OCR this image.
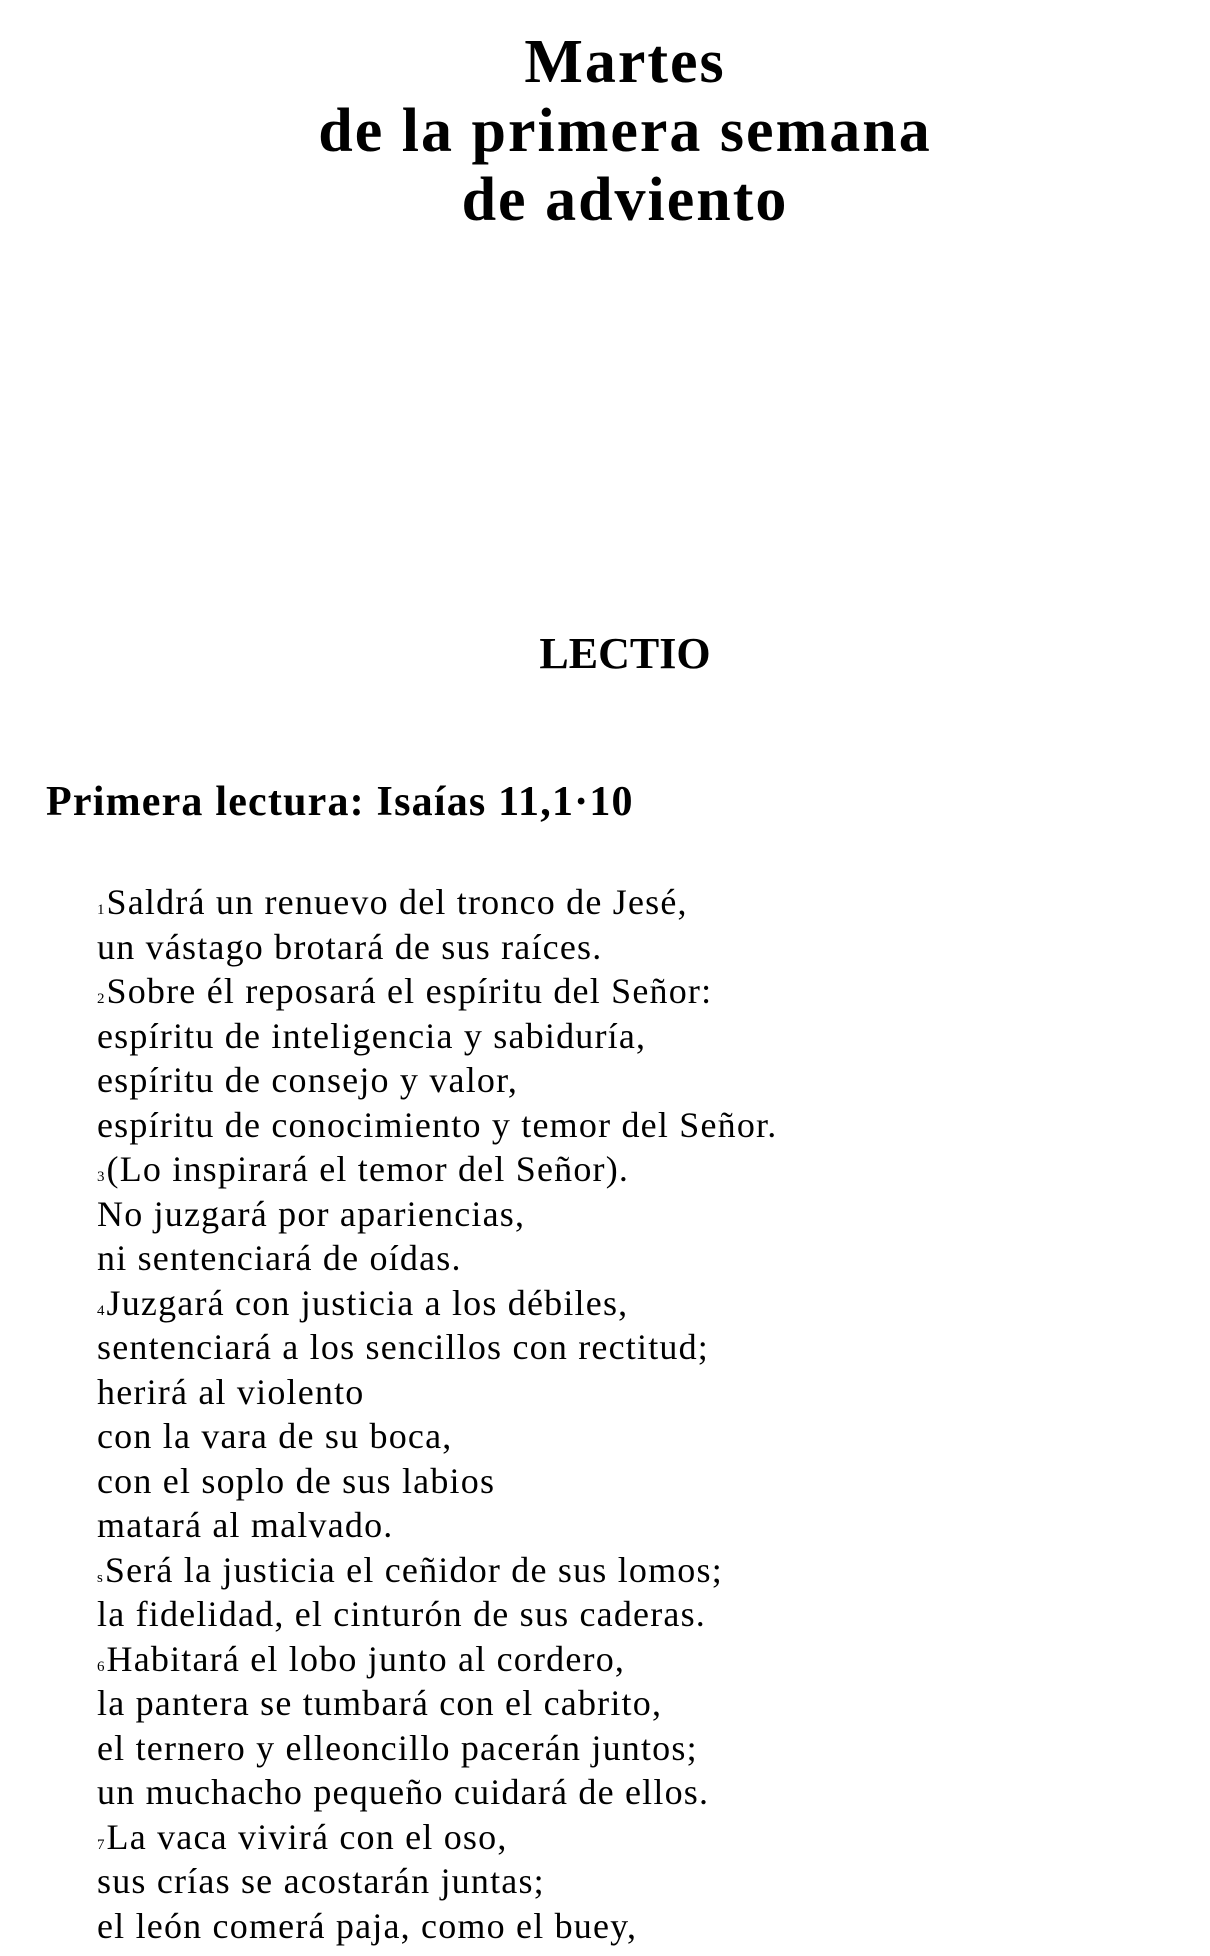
Martes
de la primera semana
de adviento
LECTIO
Primera lectura: Isaías 11,1·10
1Saldrá un renuevo del tronco de Jesé,
un vástago brotará de sus raíces.
2Sobre él reposará el espíritu del Señor:
espíritu de inteligencia y sabiduría,
espíritu de consejo y valor,
espíritu de conocimiento y temor del Señor.
3(Lo inspirará el temor del Señor).
No juzgará por apariencias,
ni sentenciará de oídas.
4Juzgará con justicia a los débiles,
sentenciará a los sencillos con rectitud;
herirá al violento
con la vara de su boca,
con el soplo de sus labios
matará al malvado.
sSerá la justicia el ceñidor de sus lomos;
la fidelidad, el cinturón de sus caderas.
6Habitará el lobo junto al cordero,
la pantera se tumbará con el cabrito,
el ternero y elleoncillo pacerán juntos;
un muchacho pequeño cuidará de ellos.
7La vaca vivirá con el oso,
sus crías se acostarán juntas;
el león comerá paja, como el buey,
